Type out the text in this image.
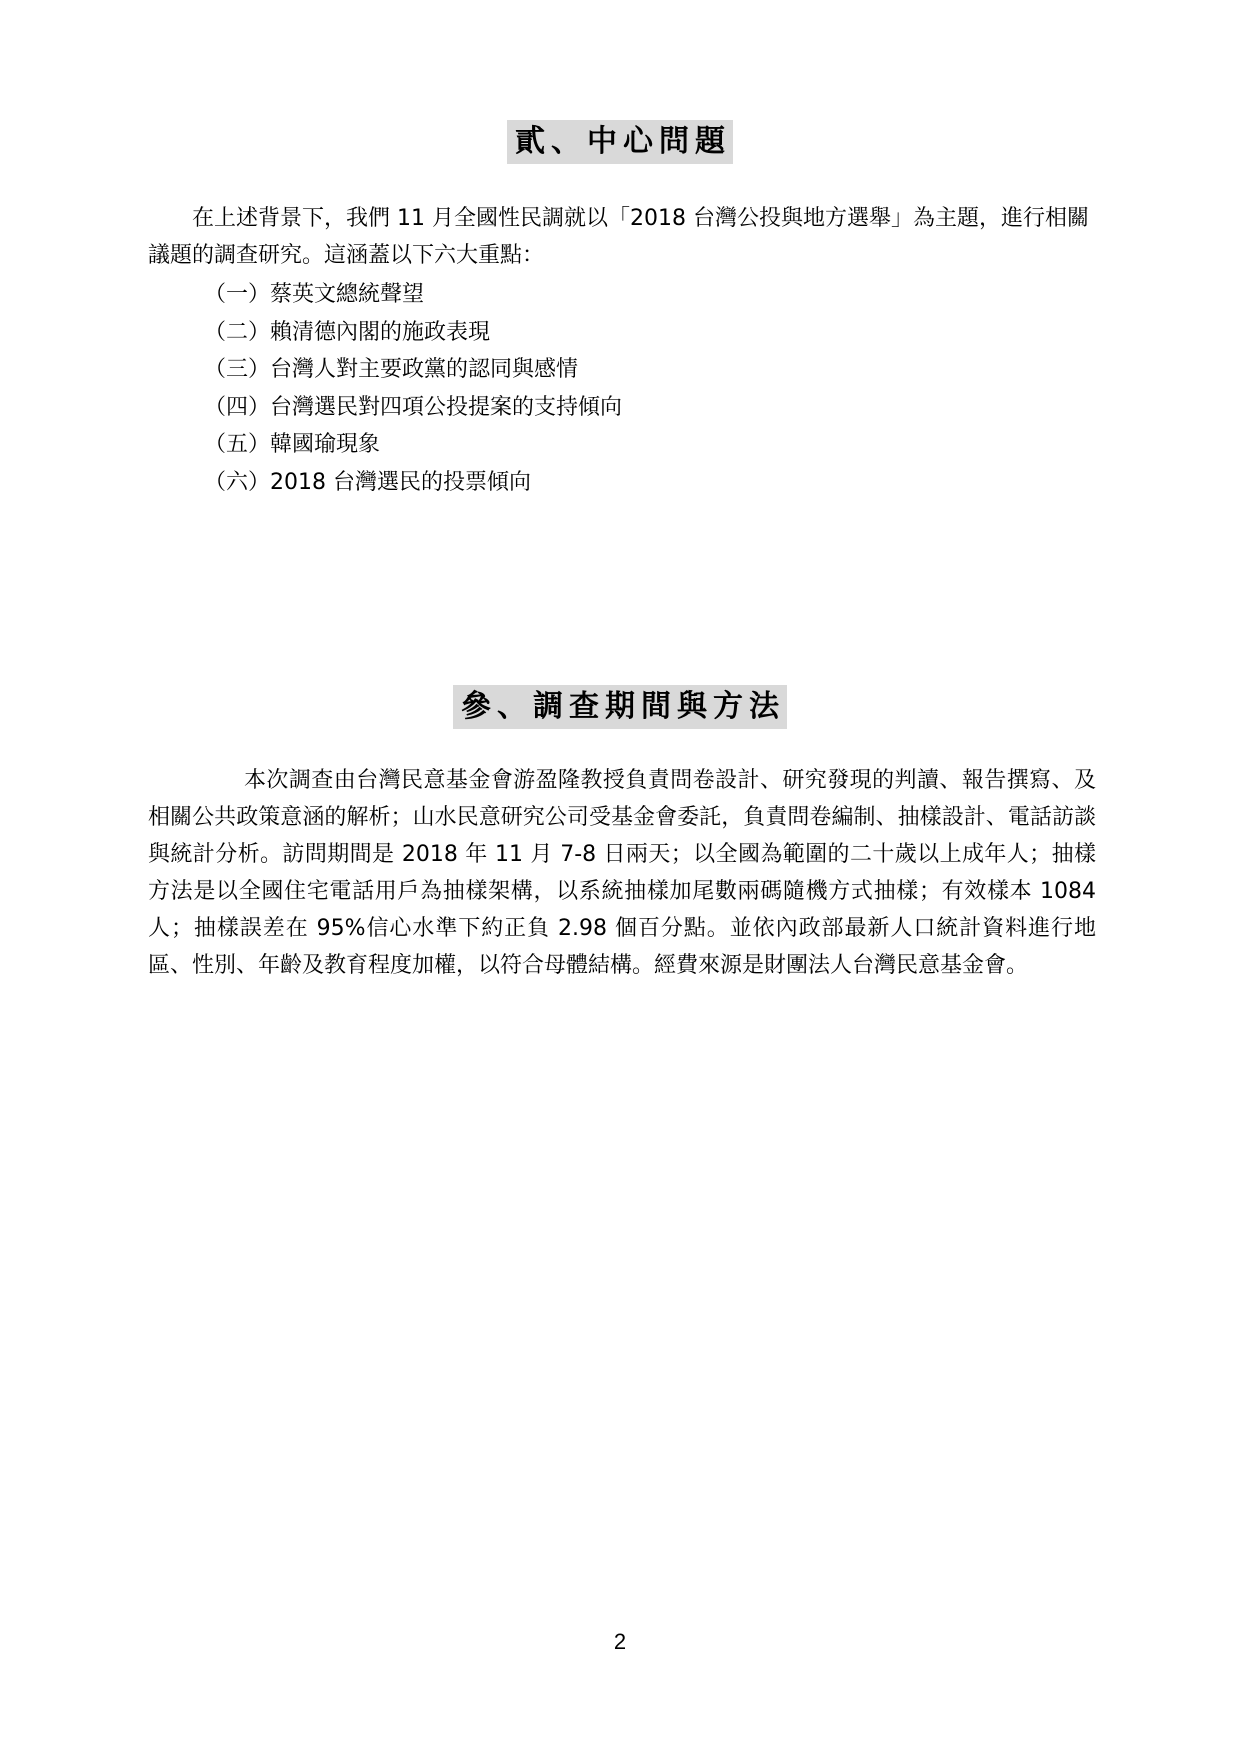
貳、中心問題

在上述背景下，我們 11 月全國性民調就以「2018 台灣公投與地方選舉」為主題，進行相關議題的調查研究。這涵蓋以下六大重點：

（一）蔡英文總統聲望
（二）賴清德內閣的施政表現
（三）台灣人對主要政黨的認同與感情
（四）台灣選民對四項公投提案的支持傾向
（五）韓國瑜現象
（六）2018 台灣選民的投票傾向
參、調查期間與方法

本次調查由台灣民意基金會游盈隆教授負責問卷設計、研究發現的判讀、報告撰寫、及相關公共政策意涵的解析；山水民意研究公司受基金會委託，負責問卷編制、抽樣設計、電話訪談與統計分析。訪問期間是 2018 年 11 月 7-8 日兩天；以全國為範圍的二十歲以上成年人；抽樣方法是以全國住宅電話用戶為抽樣架構，以系統抽樣加尾數兩碼隨機方式抽樣；有效樣本 1084 人；抽樣誤差在 95%信心水準下約正負 2.98 個百分點。並依內政部最新人口統計資料進行地區、性別、年齡及教育程度加權，以符合母體結構。經費來源是財團法人台灣民意基金會。

2
